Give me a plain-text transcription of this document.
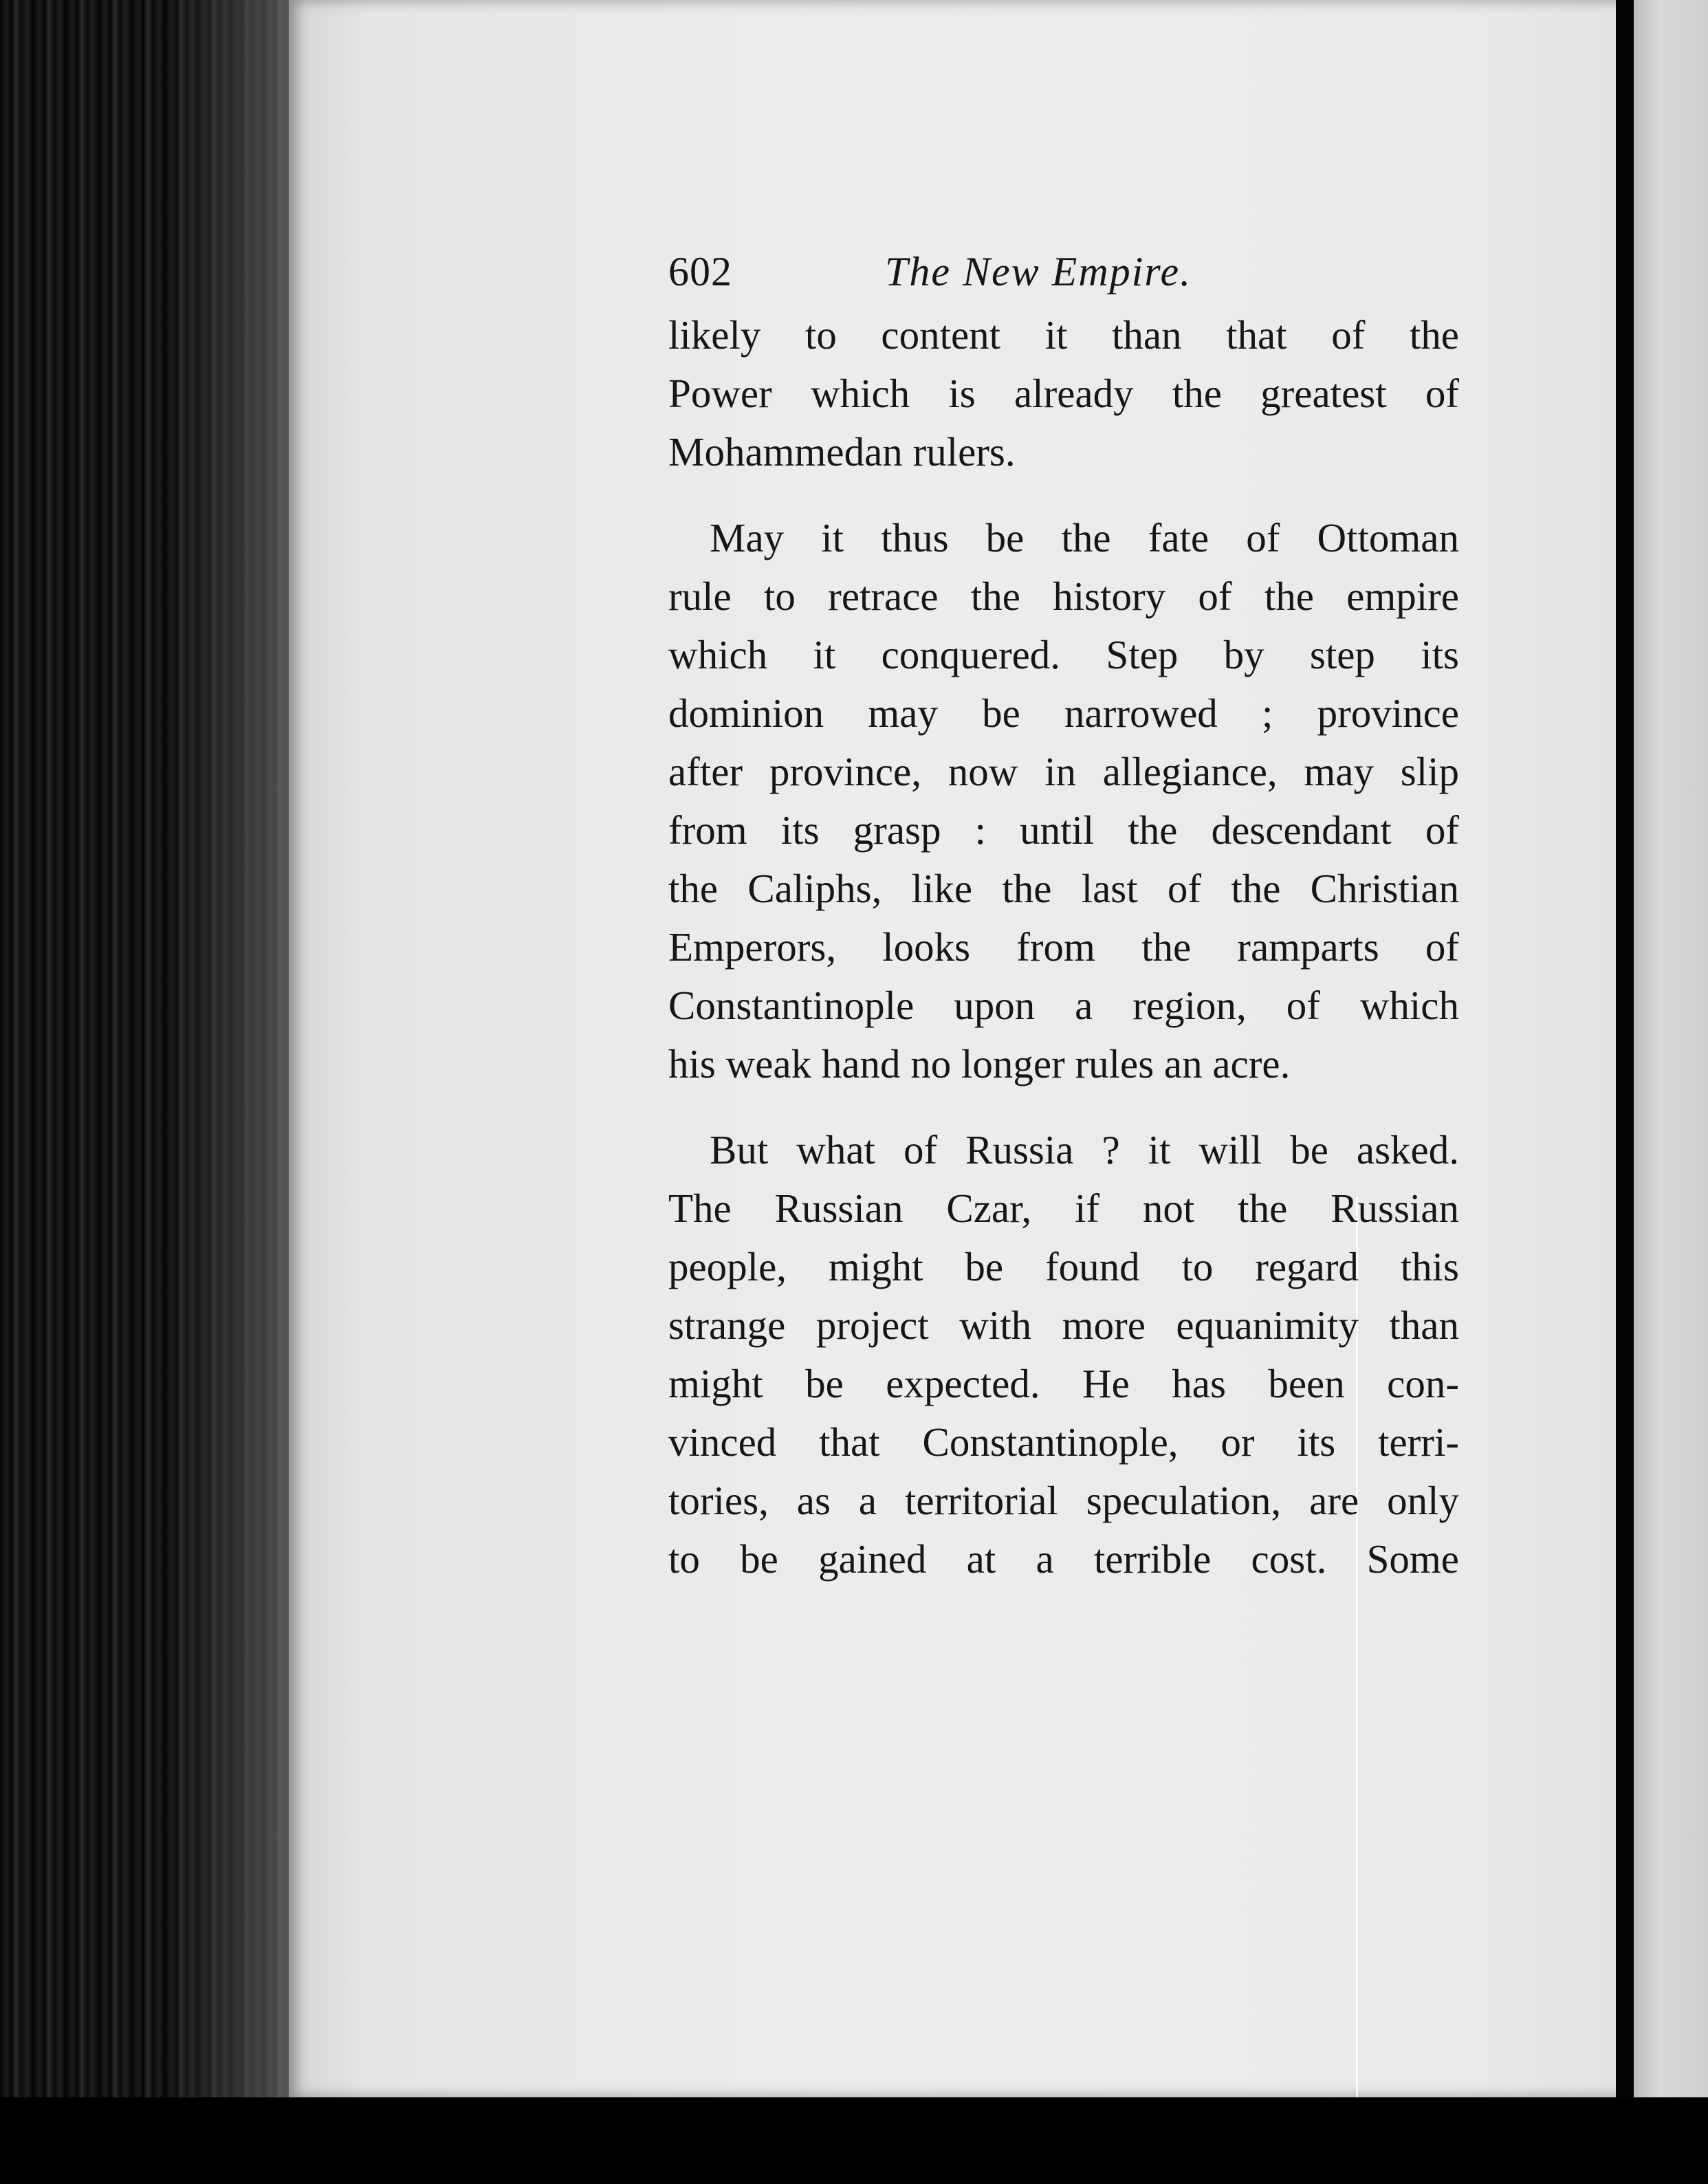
602	The New Empire.

likely to content it than that of the
Power which is already the greatest of
Mohammedan rulers.

May it thus be the fate of Ottoman
rule to retrace the history of the empire
which it conquered. Step by step its
dominion may be narrowed ; province
after province, now in allegiance, may slip
from its grasp : until the descendant of
the Caliphs, like the last of the Christian
Emperors, looks from the ramparts of
Constantinople upon a region, of which
his weak hand no longer rules an acre.

But what of Russia ? it will be asked.
The Russian Czar, if not the Russian
people, might be found to regard this
strange project with more equanimity than
might be expected. He has been con-
vinced that Constantinople, or its terri-
tories, as a territorial speculation, are only
to be gained at a terrible cost. Some
